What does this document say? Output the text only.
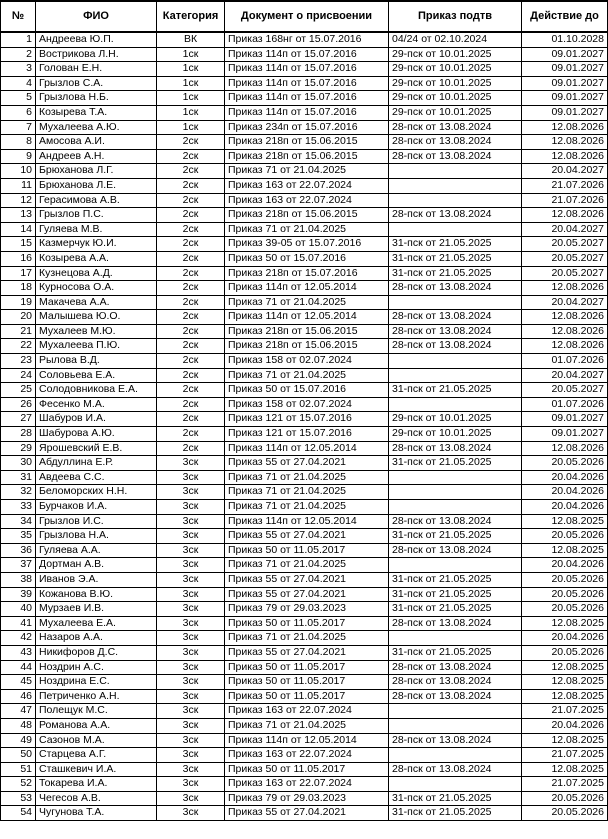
№	ФИО	Категория	Документ о присвоении	Приказ подтв	Действие до
1	Андреева Ю.П.	ВК	Приказ 168нг от 15.07.2016	04/24 от 02.10.2024	01.10.2028
2	Вострикова Л.Н.	1ск	Приказ 114п от 15.07.2016	29-пск от 10.01.2025	09.01.2027
3	Голован Е.Н.	1ск	Приказ 114п от 15.07.2016	29-пск от 10.01.2025	09.01.2027
4	Грызлов С.А.	1ск	Приказ 114п от 15.07.2016	29-пск от 10.01.2025	09.01.2027
5	Грызлова Н.Б.	1ск	Приказ 114п от 15.07.2016	29-пск от 10.01.2025	09.01.2027
6	Козырева Т.А.	1ск	Приказ 114п от 15.07.2016	29-пск от 10.01.2025	09.01.2027
7	Мухалеева А.Ю.	1ск	Приказ 234п от 15.07.2016	28-пск от 13.08.2024	12.08.2026
8	Амосова А.И.	2ск	Приказ 218п от 15.06.2015	28-пск от 13.08.2024	12.08.2026
9	Андреев А.Н.	2ск	Приказ 218п от 15.06.2015	28-пск от 13.08.2024	12.08.2026
10	Брюханова Л.Г.	2ск	Приказ 71 от 21.04.2025		20.04.2027
11	Брюханова Л.Е.	2ск	Приказ 163 от 22.07.2024		21.07.2026
12	Герасимова А.В.	2ск	Приказ 163 от 22.07.2024		21.07.2026
13	Грызлов П.С.	2ск	Приказ 218п от 15.06.2015	28-пск от 13.08.2024	12.08.2026
14	Гуляева М.В.	2ск	Приказ 71 от 21.04.2025		20.04.2027
15	Казмерчук Ю.И.	2ск	Приказ 39-05 от 15.07.2016	31-пск от 21.05.2025	20.05.2027
16	Козырева А.А.	2ск	Приказ 50 от 15.07.2016	31-пск от 21.05.2025	20.05.2027
17	Кузнецова А.Д.	2ск	Приказ 218п от 15.07.2016	31-пск от 21.05.2025	20.05.2027
18	Курносова О.А.	2ск	Приказ 114п от 12.05.2014	28-пск от 13.08.2024	12.08.2026
19	Макачева А.А.	2ск	Приказ 71 от 21.04.2025		20.04.2027
20	Малышева Ю.О.	2ск	Приказ 114п от 12.05.2014	28-пск от 13.08.2024	12.08.2026
21	Мухалеев М.Ю.	2ск	Приказ 218п от 15.06.2015	28-пск от 13.08.2024	12.08.2026
22	Мухалеева П.Ю.	2ск	Приказ 218п от 15.06.2015	28-пск от 13.08.2024	12.08.2026
23	Рылова В.Д.	2ск	Приказ 158 от 02.07.2024		01.07.2026
24	Соловьева Е.А.	2ск	Приказ 71 от 21.04.2025		20.04.2027
25	Солодовникова Е.А.	2ск	Приказ 50 от 15.07.2016	31-пск от 21.05.2025	20.05.2027
26	Фесенко М.А.	2ск	Приказ 158 от 02.07.2024		01.07.2026
27	Шабуров И.А.	2ск	Приказ 121 от 15.07.2016	29-пск от 10.01.2025	09.01.2027
28	Шабурова А.Ю.	2ск	Приказ 121 от 15.07.2016	29-пск от 10.01.2025	09.01.2027
29	Ярошевский Е.В.	2ск	Приказ 114п от 12.05.2014	28-пск от 13.08.2024	12.08.2026
30	Абдуллина Е.Р.	3ск	Приказ 55 от 27.04.2021	31-пск от 21.05.2025	20.05.2026
31	Авдеева С.С.	3ск	Приказ 71 от 21.04.2025		20.04.2026
32	Беломорских Н.Н.	3ск	Приказ 71 от 21.04.2025		20.04.2026
33	Бурчаков И.А.	3ск	Приказ 71 от 21.04.2025		20.04.2026
34	Грызлов И.С.	3ск	Приказ 114п от 12.05.2014	28-пск от 13.08.2024	12.08.2025
35	Грызлова Н.А.	3ск	Приказ 55 от 27.04.2021	31-пск от 21.05.2025	20.05.2026
36	Гуляева А.А.	3ск	Приказ 50 от 11.05.2017	28-пск от 13.08.2024	12.08.2025
37	Дортман А.В.	3ск	Приказ 71 от 21.04.2025		20.04.2026
38	Иванов Э.А.	3ск	Приказ 55 от 27.04.2021	31-пск от 21.05.2025	20.05.2026
39	Кожанова В.Ю.	3ск	Приказ 55 от 27.04.2021	31-пск от 21.05.2025	20.05.2026
40	Мурзаев И.В.	3ск	Приказ 79 от 29.03.2023	31-пск от 21.05.2025	20.05.2026
41	Мухалеева Е.А.	3ск	Приказ 50 от 11.05.2017	28-пск от 13.08.2024	12.08.2025
42	Назаров А.А.	3ск	Приказ 71 от 21.04.2025		20.04.2026
43	Никифоров Д.С.	3ск	Приказ 55 от 27.04.2021	31-пск от 21.05.2025	20.05.2026
44	Ноздрин А.С.	3ск	Приказ 50 от 11.05.2017	28-пск от 13.08.2024	12.08.2025
45	Ноздрина Е.С.	3ск	Приказ 50 от 11.05.2017	28-пск от 13.08.2024	12.08.2025
46	Петриченко А.Н.	3ск	Приказ 50 от 11.05.2017	28-пск от 13.08.2024	12.08.2025
47	Полещук М.С.	3ск	Приказ 163 от 22.07.2024		21.07.2025
48	Романова А.А.	3ск	Приказ 71 от 21.04.2025		20.04.2026
49	Сазонов М.А.	3ск	Приказ 114п от 12.05.2014	28-пск от 13.08.2024	12.08.2025
50	Старцева А.Г.	3ск	Приказ 163 от 22.07.2024		21.07.2025
51	Сташкевич И.А.	3ск	Приказ 50 от 11.05.2017	28-пск от 13.08.2024	12.08.2025
52	Токарева И.А.	3ск	Приказ 163 от 22.07.2024		21.07.2025
53	Чегесов А.В.	3ск	Приказ 79 от 29.03.2023	31-пск от 21.05.2025	20.05.2026
54	Чугунова Т.А.	3ск	Приказ 55 от 27.04.2021	31-пск от 21.05.2025	20.05.2026
